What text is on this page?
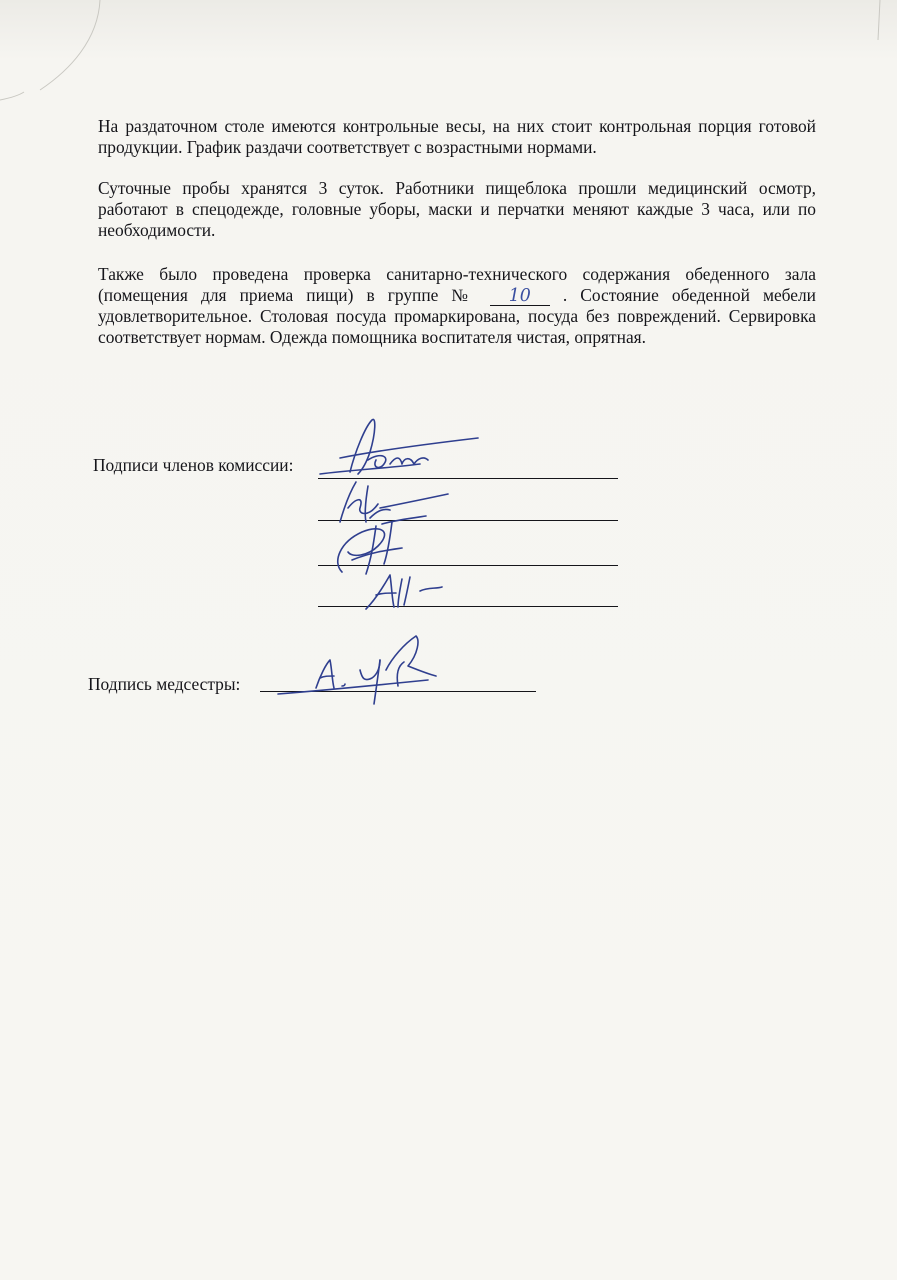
На раздаточном столе имеются контрольные весы, на них стоит контрольная порция готовой продукции. График раздачи соответствует с возрастными нормами.
Суточные пробы хранятся 3 суток. Работники пищеблока прошли медицинский осмотр, работают в спецодежде, головные уборы, маски и перчатки меняют каждые 3 часа, или по необходимости.
Также было проведена проверка санитарно-технического содержания обеденного зала (помещения для приема пищи) в группе № 10 . Состояние обеденной мебели удовлетворительное. Столовая посуда промаркирована, посуда без повреждений. Сервировка соответствует нормам. Одежда помощника воспитателя чистая, опрятная.
Подписи членов комиссии:
Подпись медсестры:
